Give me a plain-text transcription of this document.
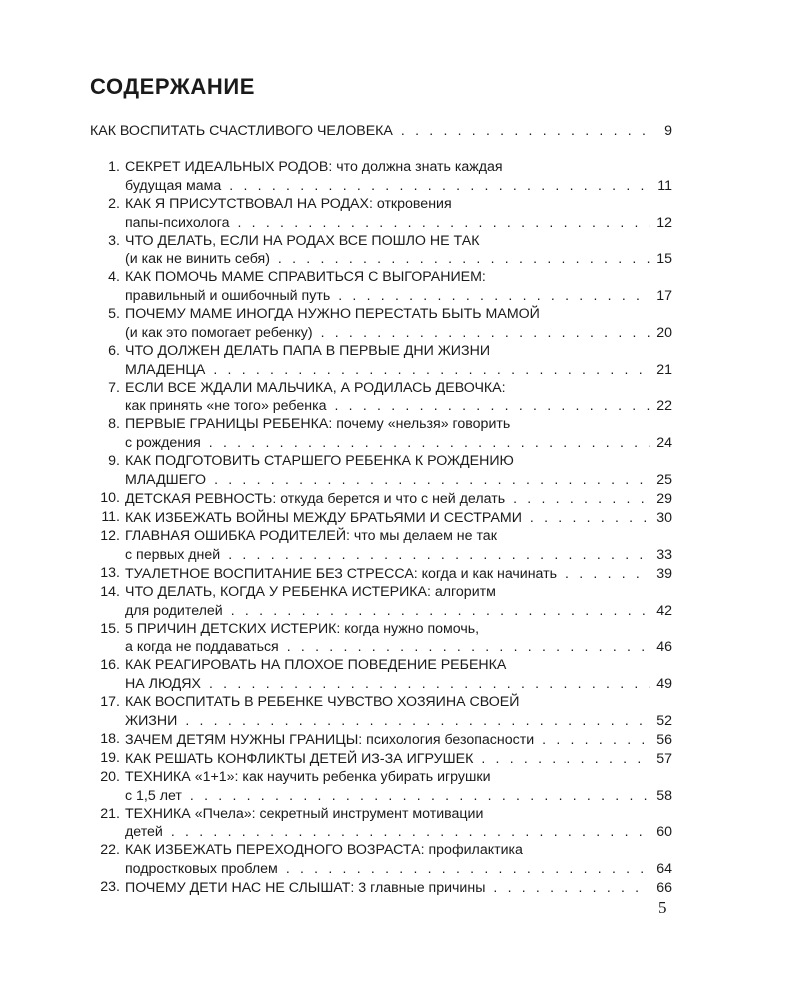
СОДЕРЖАНИЕ
КАК ВОСПИТАТЬ СЧАСТЛИВОГО ЧЕЛОВЕКА . . .	9
1. СЕКРЕТ ИДЕАЛЬНЫХ РОДОВ: что должна знать каждая
будущая мама . . .	11
2. КАК Я ПРИСУТСТВОВАЛ НА РОДАХ: откровения
папы-психолога . . .	12
3. ЧТО ДЕЛАТЬ, ЕСЛИ НА РОДАХ ВСЕ ПОШЛО НЕ ТАК
(и как не винить себя) . . .	15
4. КАК ПОМОЧЬ МАМЕ СПРАВИТЬСЯ С ВЫГОРАНИЕМ:
правильный и ошибочный путь . . .	17
5. ПОЧЕМУ МАМЕ ИНОГДА НУЖНО ПЕРЕСТАТЬ БЫТЬ МАМОЙ
(и как это помогает ребенку) . . .	20
6. ЧТО ДОЛЖЕН ДЕЛАТЬ ПАПА В ПЕРВЫЕ ДНИ ЖИЗНИ
МЛАДЕНЦА . . .	21
7. ЕСЛИ ВСЕ ЖДАЛИ МАЛЬЧИКА, А РОДИЛАСЬ ДЕВОЧКА:
как принять «не того» ребенка . . .	22
8. ПЕРВЫЕ ГРАНИЦЫ РЕБЕНКА: почему «нельзя» говорить
с рождения . . .	24
9. КАК ПОДГОТОВИТЬ СТАРШЕГО РЕБЕНКА К РОЖДЕНИЮ
МЛАДШЕГО . . .	25
10. ДЕТСКАЯ РЕВНОСТЬ: откуда берется и что с ней делать . . .	29
11. КАК ИЗБЕЖАТЬ ВОЙНЫ МЕЖДУ БРАТЬЯМИ И СЕСТРАМИ . . .	30
12. ГЛАВНАЯ ОШИБКА РОДИТЕЛЕЙ: что мы делаем не так
с первых дней . . .	33
13. ТУАЛЕТНОЕ ВОСПИТАНИЕ БЕЗ СТРЕССА: когда и как начинать . . .	39
14. ЧТО ДЕЛАТЬ, КОГДА У РЕБЕНКА ИСТЕРИКА: алгоритм
для родителей . . .	42
15. 5 ПРИЧИН ДЕТСКИХ ИСТЕРИК: когда нужно помочь,
а когда не поддаваться . . .	46
16. КАК РЕАГИРОВАТЬ НА ПЛОХОЕ ПОВЕДЕНИЕ РЕБЕНКА
НА ЛЮДЯХ . . .	49
17. КАК ВОСПИТАТЬ В РЕБЕНКЕ ЧУВСТВО ХОЗЯИНА СВОЕЙ
ЖИЗНИ . . .	52
18. ЗАЧЕМ ДЕТЯМ НУЖНЫ ГРАНИЦЫ: психология безопасности . . .	56
19. КАК РЕШАТЬ КОНФЛИКТЫ ДЕТЕЙ ИЗ-ЗА ИГРУШЕК . . .	57
20. ТЕХНИКА «1+1»: как научить ребенка убирать игрушки
с 1,5 лет . . .	58
21. ТЕХНИКА «Пчела»: секретный инструмент мотивации
детей . . .	60
22. КАК ИЗБЕЖАТЬ ПЕРЕХОДНОГО ВОЗРАСТА: профилактика
подростковых проблем . . .	64
23. ПОЧЕМУ ДЕТИ НАС НЕ СЛЫШАТ: 3 главные причины . . .	66
5
